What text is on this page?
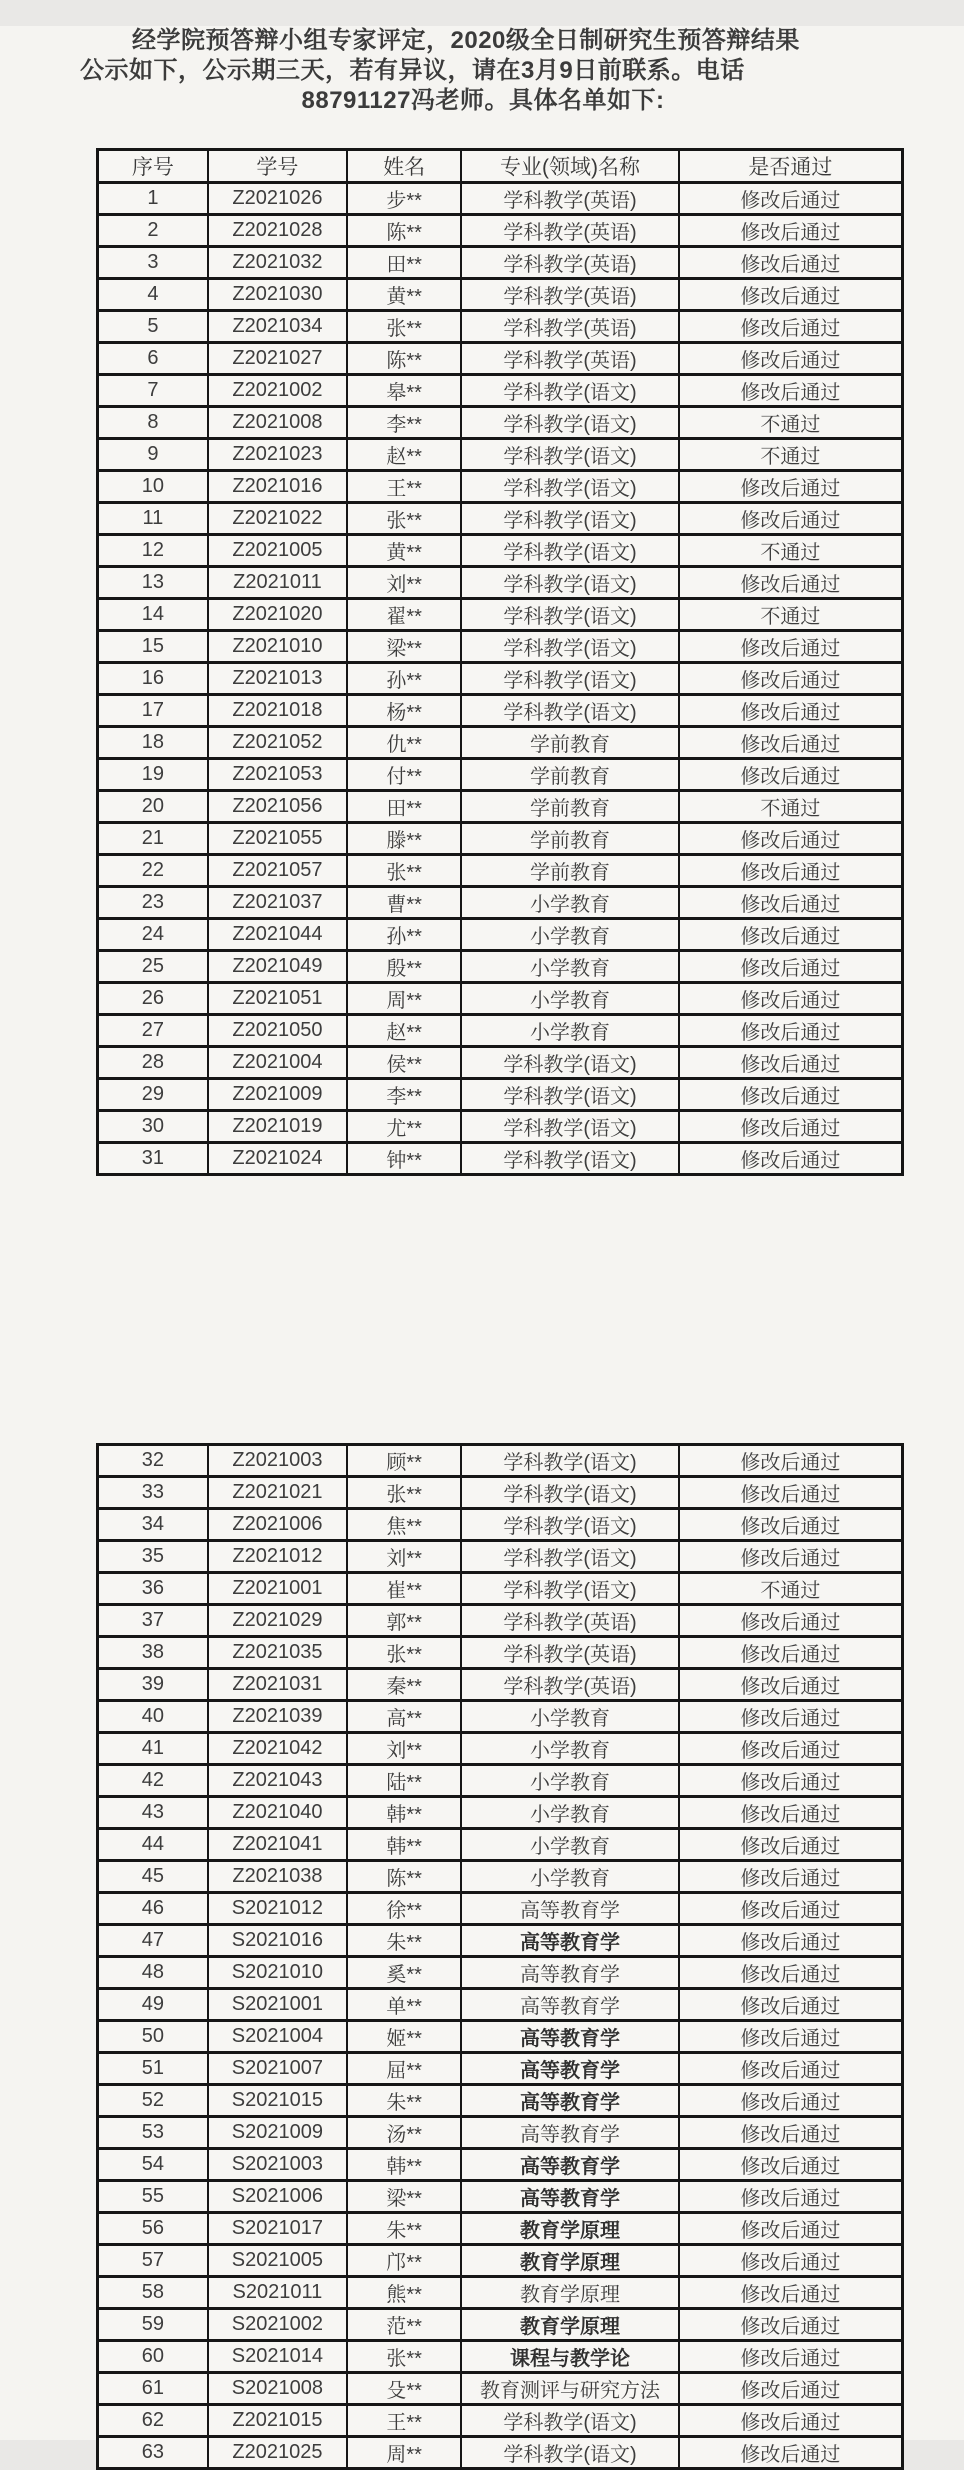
经学院预答辩小组专家评定，2020级全日制研究生预答辩结果
公示如下，公示期三天，若有异议，请在3月9日前联系。电话
88791127冯老师。具体名单如下:
序号	学号	姓名	专业(领域)名称	是否通过
1	Z2021026	步**	学科教学(英语)	修改后通过
2	Z2021028	陈**	学科教学(英语)	修改后通过
3	Z2021032	田**	学科教学(英语)	修改后通过
4	Z2021030	黄**	学科教学(英语)	修改后通过
5	Z2021034	张**	学科教学(英语)	修改后通过
6	Z2021027	陈**	学科教学(英语)	修改后通过
7	Z2021002	皋**	学科教学(语文)	修改后通过
8	Z2021008	李**	学科教学(语文)	不通过
9	Z2021023	赵**	学科教学(语文)	不通过
10	Z2021016	王**	学科教学(语文)	修改后通过
11	Z2021022	张**	学科教学(语文)	修改后通过
12	Z2021005	黄**	学科教学(语文)	不通过
13	Z2021011	刘**	学科教学(语文)	修改后通过
14	Z2021020	翟**	学科教学(语文)	不通过
15	Z2021010	梁**	学科教学(语文)	修改后通过
16	Z2021013	孙**	学科教学(语文)	修改后通过
17	Z2021018	杨**	学科教学(语文)	修改后通过
18	Z2021052	仇**	学前教育	修改后通过
19	Z2021053	付**	学前教育	修改后通过
20	Z2021056	田**	学前教育	不通过
21	Z2021055	滕**	学前教育	修改后通过
22	Z2021057	张**	学前教育	修改后通过
23	Z2021037	曹**	小学教育	修改后通过
24	Z2021044	孙**	小学教育	修改后通过
25	Z2021049	殷**	小学教育	修改后通过
26	Z2021051	周**	小学教育	修改后通过
27	Z2021050	赵**	小学教育	修改后通过
28	Z2021004	侯**	学科教学(语文)	修改后通过
29	Z2021009	李**	学科教学(语文)	修改后通过
30	Z2021019	尤**	学科教学(语文)	修改后通过
31	Z2021024	钟**	学科教学(语文)	修改后通过
32	Z2021003	顾**	学科教学(语文)	修改后通过
33	Z2021021	张**	学科教学(语文)	修改后通过
34	Z2021006	焦**	学科教学(语文)	修改后通过
35	Z2021012	刘**	学科教学(语文)	修改后通过
36	Z2021001	崔**	学科教学(语文)	不通过
37	Z2021029	郭**	学科教学(英语)	修改后通过
38	Z2021035	张**	学科教学(英语)	修改后通过
39	Z2021031	秦**	学科教学(英语)	修改后通过
40	Z2021039	高**	小学教育	修改后通过
41	Z2021042	刘**	小学教育	修改后通过
42	Z2021043	陆**	小学教育	修改后通过
43	Z2021040	韩**	小学教育	修改后通过
44	Z2021041	韩**	小学教育	修改后通过
45	Z2021038	陈**	小学教育	修改后通过
46	S2021012	徐**	高等教育学	修改后通过
47	S2021016	朱**	高等教育学	修改后通过
48	S2021010	奚**	高等教育学	修改后通过
49	S2021001	单**	高等教育学	修改后通过
50	S2021004	姬**	高等教育学	修改后通过
51	S2021007	屈**	高等教育学	修改后通过
52	S2021015	朱**	高等教育学	修改后通过
53	S2021009	汤**	高等教育学	修改后通过
54	S2021003	韩**	高等教育学	修改后通过
55	S2021006	梁**	高等教育学	修改后通过
56	S2021017	朱**	教育学原理	修改后通过
57	S2021005	邝**	教育学原理	修改后通过
58	S2021011	熊**	教育学原理	修改后通过
59	S2021002	范**	教育学原理	修改后通过
60	S2021014	张**	课程与教学论	修改后通过
61	S2021008	殳**	教育测评与研究方法	修改后通过
62	Z2021015	王**	学科教学(语文)	修改后通过
63	Z2021025	周**	学科教学(语文)	修改后通过
